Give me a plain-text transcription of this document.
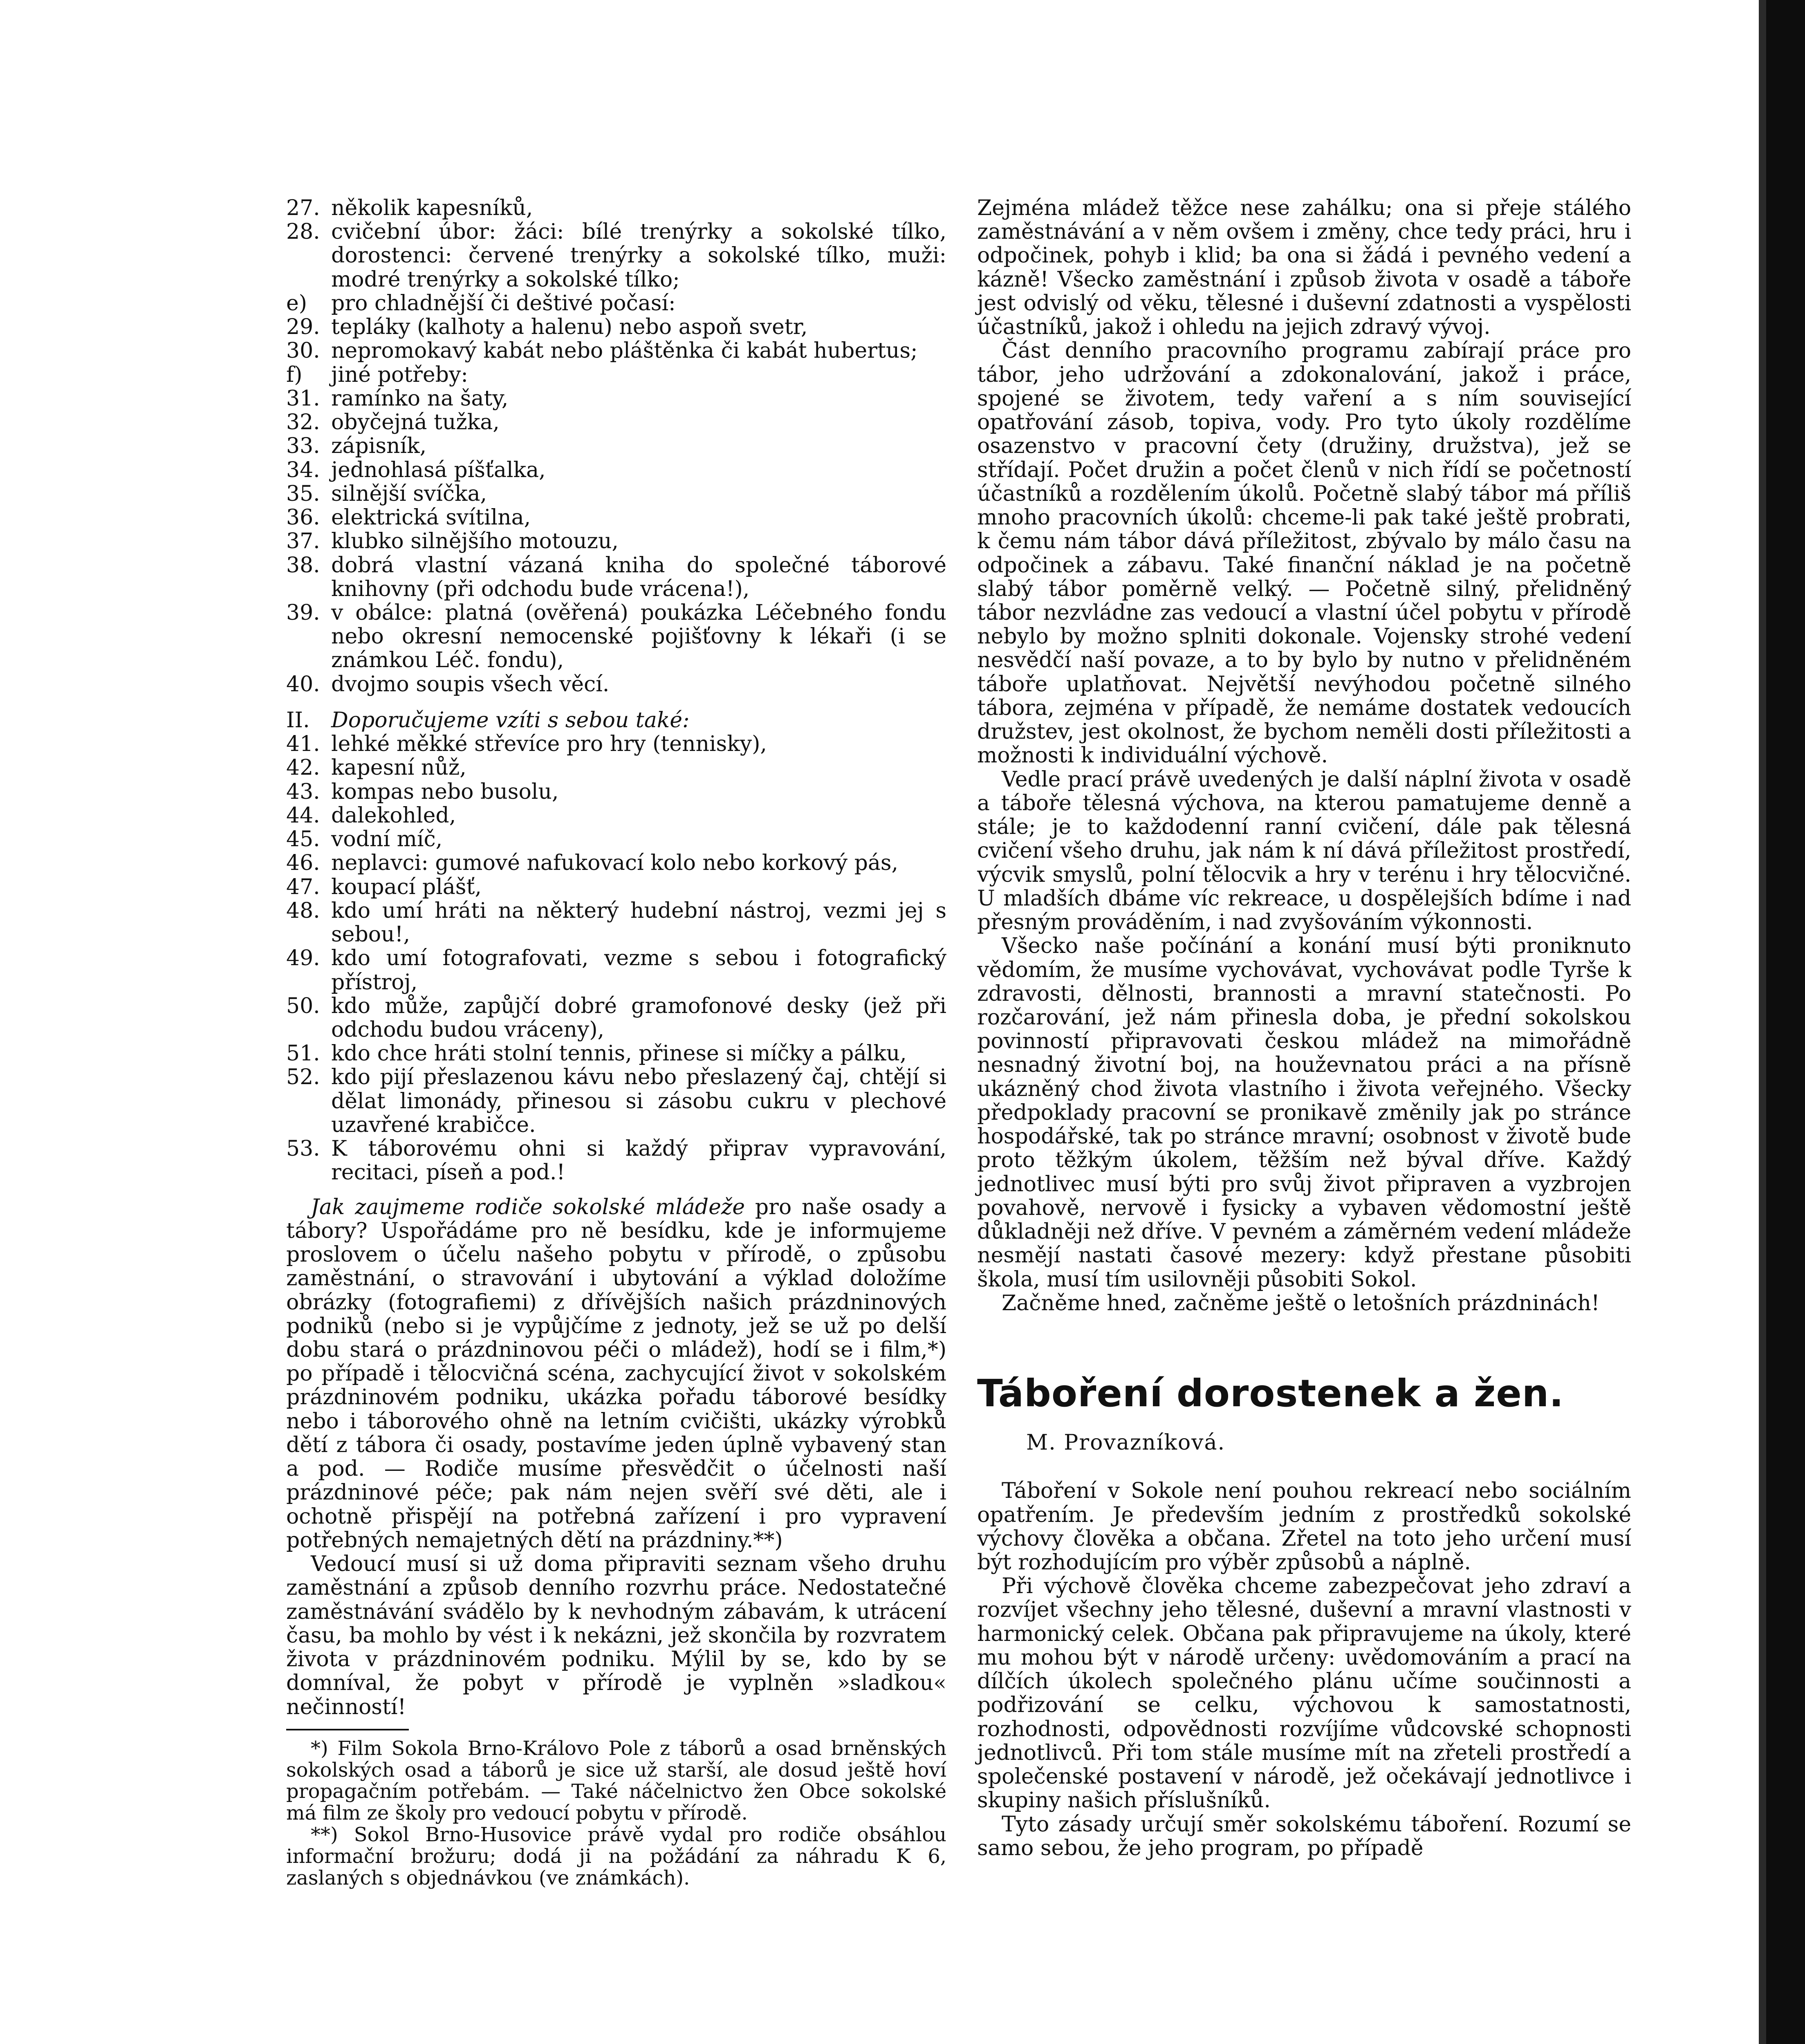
27. několik kapesníků,
28. cvičební úbor: žáci: bílé trenýrky a sokolské tílko, dorostenci: červené trenýrky a sokolské tílko, muži: modré trenýrky a sokolské tílko;
e)	pro chladnější či deštivé počasí:
29. tepláky (kalhoty a halenu) nebo aspoň svetr,
30. nepromokavý kabát nebo pláštěnka či kabát hubertus;
f)	jiné potřeby:
31. ramínko na šaty,
32. obyčejná tužka,
33. zápisník,
34. jednohlasá píšťalka,
35. silnější svíčka,
36. elektrická svítilna,
37. klubko silnějšího motouzu,
38. dobrá vlastní vázaná kniha do společné táborové knihovny (při odchodu bude vrácena!),
39. v obálce: platná (ověřená) poukázka Léčebného fondu nebo okresní nemocenské pojišťovny k lékaři (i se známkou Léč. fondu),
40. dvojmo soupis všech věcí.
II.	Doporučujeme vzíti s sebou také:
41. lehké měkké střevíce pro hry (tennisky),
42. kapesní nůž,
43. kompas nebo busolu,
44. dalekohled,
45. vodní míč,
46. neplavci: gumové nafukovací kolo nebo korkový pás,
47. koupací plášť,
48. kdo umí hráti na některý hudební nástroj, vezmi jej s sebou!,
49. kdo umí fotografovati, vezme s sebou i fotografický přístroj,
50. kdo může, zapůjčí dobré gramofonové desky (jež při odchodu budou vráceny),
51. kdo chce hráti stolní tennis, přinese si míčky a pálku,
52. kdo pijí přeslazenou kávu nebo přeslazený čaj, chtějí si dělat limonády, přinesou si zásobu cukru v plechové uzavřené krabičce.
53. K táborovému ohni si každý připrav vypravování, recitaci, píseň a pod.!

Jak zaujmeme rodiče sokolské mládeže pro naše osady a tábory? Uspořádáme pro ně besídku, kde je informujeme proslovem o účelu našeho pobytu v přírodě, o způsobu zaměstnání, o stravování i ubytování a výklad doložíme obrázky (fotografiemi) z dřívějších našich prázdninových podniků (nebo si je vypůjčíme z jednoty, jež se už po delší dobu stará o prázdninovou péči o mládež), hodí se i film,*) po případě i tělocvičná scéna, zachycující život v sokolském prázdninovém podniku, ukázka pořadu táborové besídky nebo i táborového ohně na letním cvičišti, ukázky výrobků dětí z tábora či osady, postavíme jeden úplně vybavený stan a pod. — Rodiče musíme přesvědčit o účelnosti naší prázdninové péče; pak nám nejen svěří své děti, ale i ochotně přispějí na potřebná zařízení i pro vypravení potřebných nemajetných dětí na prázdniny.**)

Vedoucí musí si už doma připraviti seznam všeho druhu zaměstnání a způsob denního rozvrhu práce. Nedostatečné zaměstnávání svádělo by k nevhodným zábavám, k utrácení času, ba mohlo by vést i k nekázni, jež skončila by rozvratem života v prázdninovém podniku. Mýlil by se, kdo by se domníval, že pobyt v přírodě je vyplněn »sladkou« nečinností!

*) Film Sokola Brno-Královo Pole z táborů a osad brněnských sokolských osad a táborů je sice už starší, ale dosud ještě hoví propagačním potřebám. — Také náčelnictvo žen Obce sokolské má film ze školy pro vedoucí pobytu v přírodě.

**) Sokol Brno-Husovice právě vydal pro rodiče obsáhlou informační brožuru; dodá ji na požádání za náhradu K 6, zaslaných s objednávkou (ve známkách).

Zejména mládež těžce nese zahálku; ona si přeje stálého zaměstnávání a v něm ovšem i změny, chce tedy práci, hru i odpočinek, pohyb i klid; ba ona si žádá i pevného vedení a kázně! Všecko zaměstnání i způsob života v osadě a táboře jest odvislý od věku, tělesné i duševní zdatnosti a vyspělosti účastníků, jakož i ohledu na jejich zdravý vývoj.

Část denního pracovního programu zabírají práce pro tábor, jeho udržování a zdokonalování, jakož i práce, spojené se životem, tedy vaření a s ním související opatřování zásob, topiva, vody. Pro tyto úkoly rozdělíme osazenstvo v pracovní čety (družiny, družstva), jež se střídají. Počet družin a počet členů v nich řídí se početností účastníků a rozdělením úkolů. Početně slabý tábor má příliš mnoho pracovních úkolů: chceme-li pak také ještě probrati, k čemu nám tábor dává příležitost, zbývalo by málo času na odpočinek a zábavu. Také finanční náklad je na početně slabý tábor poměrně velký. — Početně silný, přelidněný tábor nezvládne zas vedoucí a vlastní účel pobytu v přírodě nebylo by možno splniti dokonale. Vojensky strohé vedení nesvědčí naší povaze, a to by bylo by nutno v přelidněném táboře uplatňovat. Největší nevýhodou početně silného tábora, zejména v případě, že nemáme dostatek vedoucích družstev, jest okolnost, že bychom neměli dosti příležitosti a možnosti k individuální výchově.

Vedle prací právě uvedených je další náplní života v osadě a táboře tělesná výchova, na kterou pamatujeme denně a stále; je to každodenní ranní cvičení, dále pak tělesná cvičení všeho druhu, jak nám k ní dává příležitost prostředí, výcvik smyslů, polní tělocvik a hry v terénu i hry tělocvičné. U mladších dbáme víc rekreace, u dospělejších bdíme i nad přesným prováděním, i nad zvyšováním výkonnosti.

Všecko naše počínání a konání musí býti proniknuto vědomím, že musíme vychovávat, vychovávat podle Tyrše k zdravosti, dělnosti, brannosti a mravní statečnosti. Po rozčarování, jež nám přinesla doba, je přední sokolskou povinností připravovati českou mládež na mimořádně nesnadný životní boj, na houževnatou práci a na přísně ukázněný chod života vlastního i života veřejného. Všecky předpoklady pracovní se pronikavě změnily jak po stránce hospodářské, tak po stránce mravní; osobnost v životě bude proto těžkým úkolem, těžším než býval dříve. Každý jednotlivec musí býti pro svůj život připraven a vyzbrojen povahově, nervově i fysicky a vybaven vědomostní ještě důkladněji než dříve. V pevném a záměrném vedení mládeže nesmějí nastati časové mezery: když přestane působiti škola, musí tím usilovněji působiti Sokol.

Začněme hned, začněme ještě o letošních prázdninách!

Táboření dorostenek a žen.
M. Provazníková.

Táboření v Sokole není pouhou rekreací nebo sociálním opatřením. Je především jedním z prostředků sokolské výchovy člověka a občana. Zřetel na toto jeho určení musí být rozhodujícím pro výběr způsobů a náplně.

Při výchově člověka chceme zabezpečovat jeho zdraví a rozvíjet všechny jeho tělesné, duševní a mravní vlastnosti v harmonický celek. Občana pak připravujeme na úkoly, které mu mohou být v národě určeny: uvědomováním a prací na dílčích úkolech společného plánu učíme součinnosti a podřizování se celku, výchovou k samostatnosti, rozhodnosti, odpovědnosti rozvíjíme vůdcovské schopnosti jednotlivců. Při tom stále musíme mít na zřeteli prostředí a společenské postavení v národě, jež očekávají jednotlivce i skupiny našich příslušníků.

Tyto zásady určují směr sokolskému táboření. Rozumí se samo sebou, že jeho program, po případě
